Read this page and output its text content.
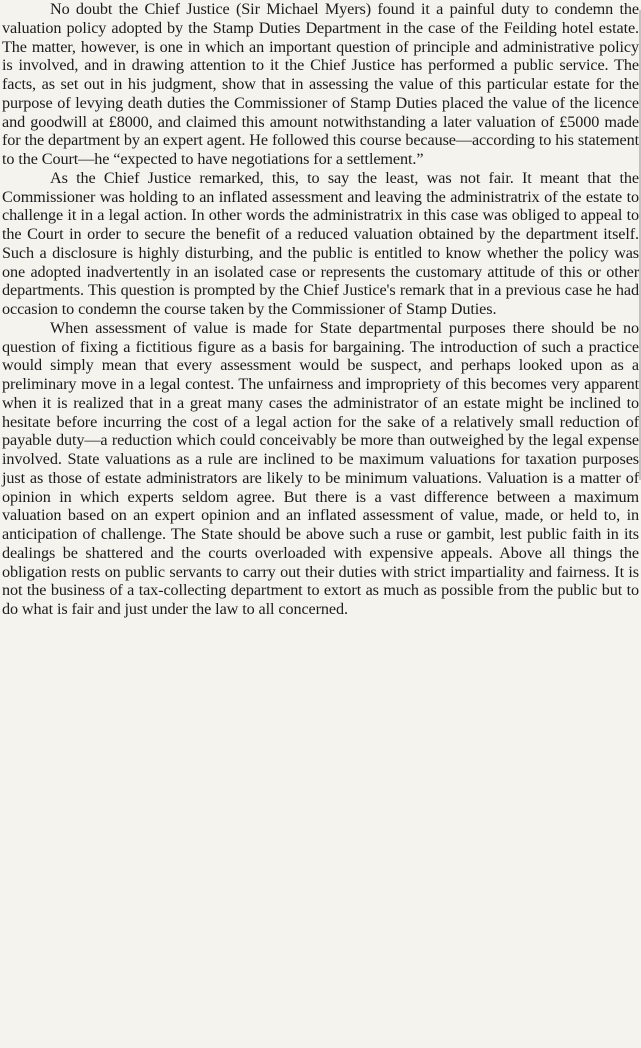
No doubt the Chief Justice (Sir Michael Myers) found it a painful duty to condemn the valuation policy adopted by the Stamp Duties Department in the case of the Feilding hotel estate. The matter, however, is one in which an important question of principle and administrative policy is involved, and in drawing attention to it the Chief Justice has performed a public service. The facts, as set out in his judgment, show that in assessing the value of this particular estate for the purpose of levying death duties the Commissioner of Stamp Duties placed the value of the licence and goodwill at £8000, and claimed this amount notwithstanding a later valuation of £5000 made for the department by an expert agent. He followed this course because—according to his statement to the Court—he “expected to have negotiations for a settlement.”

As the Chief Justice remarked, this, to say the least, was not fair. It meant that the Commissioner was holding to an inflated assessment and leaving the administratrix of the estate to challenge it in a legal action. In other words the administratrix in this case was obliged to appeal to the Court in order to secure the benefit of a reduced valuation obtained by the department itself. Such a disclosure is highly disturbing, and the public is entitled to know whether the policy was one adopted inadvertently in an isolated case or represents the customary attitude of this or other departments. This question is prompted by the Chief Justice's remark that in a previous case he had occasion to condemn the course taken by the Commissioner of Stamp Duties.

When assessment of value is made for State departmental purposes there should be no question of fixing a fictitious figure as a basis for bargaining. The introduction of such a practice would simply mean that every assessment would be suspect, and perhaps looked upon as a preliminary move in a legal contest. The unfairness and impropriety of this becomes very apparent when it is realized that in a great many cases the administrator of an estate might be inclined to hesitate before incurring the cost of a legal action for the sake of a relatively small reduction of payable duty—a reduction which could conceivably be more than outweighed by the legal expense involved. State valuations as a rule are inclined to be maximum valuations for taxation purposes just as those of estate administrators are likely to be minimum valuations. Valuation is a matter of opinion in which experts seldom agree. But there is a vast difference between a maximum valuation based on an expert opinion and an inflated assessment of value, made, or held to, in anticipation of challenge. The State should be above such a ruse or gambit, lest public faith in its dealings be shattered and the courts overloaded with expensive appeals. Above all things the obligation rests on public servants to carry out their duties with strict impartiality and fairness. It is not the business of a tax-collecting department to extort as much as possible from the public but to do what is fair and just under the law to all concerned.
